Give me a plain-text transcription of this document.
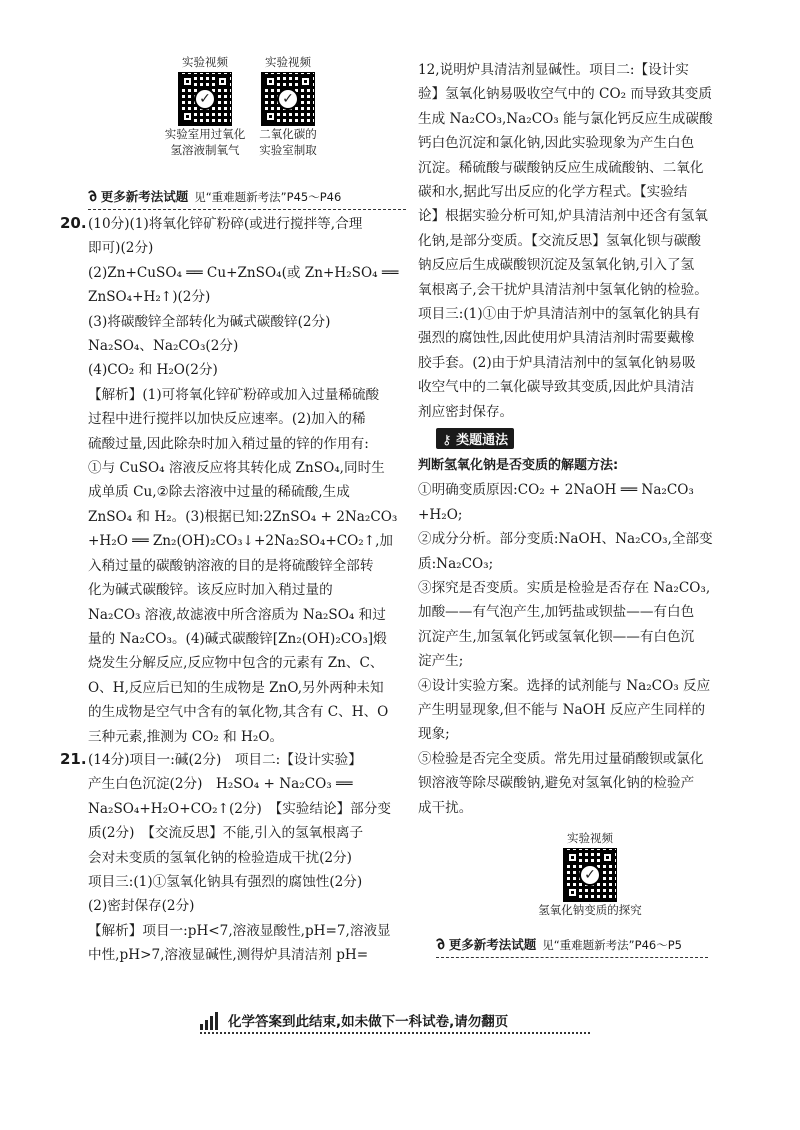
实验视频
✓
实验室用过氧化
氢溶液制氧气
实验视频
✓
二氧化碳的
实验室制取
∂更多新考法试题 见“重难题新考法”P45～P46
20. (10分)(1)将氧化锌矿粉碎(或进行搅拌等,合理

即可)(2分)

(2)Zn+CuSO₄ ══ Cu+ZnSO₄(或 Zn+H₂SO₄ ══

ZnSO₄+H₂↑)(2分)

(3)将碳酸锌全部转化为碱式碳酸锌(2分)

Na₂SO₄、Na₂CO₃(2分)

(4)CO₂ 和 H₂O(2分)

【解析】(1)可将氧化锌矿粉碎或加入过量稀硫酸

过程中进行搅拌以加快反应速率。(2)加入的稀

硫酸过量,因此除杂时加入稍过量的锌的作用有:

①与 CuSO₄ 溶液反应将其转化成 ZnSO₄,同时生

成单质 Cu,②除去溶液中过量的稀硫酸,生成

ZnSO₄ 和 H₂。(3)根据已知:2ZnSO₄ + 2Na₂CO₃

+H₂O ══ Zn₂(OH)₂CO₃↓+2Na₂SO₄+CO₂↑,加

入稍过量的碳酸钠溶液的目的是将硫酸锌全部转

化为碱式碳酸锌。该反应时加入稍过量的

Na₂CO₃ 溶液,故滤液中所含溶质为 Na₂SO₄ 和过

量的 Na₂CO₃。(4)碱式碳酸锌[Zn₂(OH)₂CO₃]煅

烧发生分解反应,反应物中包含的元素有 Zn、C、

O、H,反应后已知的生成物是 ZnO,另外两种未知

的生成物是空气中含有的氧化物,其含有 C、H、O

三种元素,推测为 CO₂ 和 H₂O。

21. (14分)项目一:碱(2分)　项目二:【设计实验】

产生白色沉淀(2分)　H₂SO₄ + Na₂CO₃ ══

Na₂SO₄+H₂O+CO₂↑(2分)　【实验结论】部分变

质(2分)　【交流反思】不能,引入的氢氧根离子

会对未变质的氢氧化钠的检验造成干扰(2分)

项目三:(1)①氢氧化钠具有强烈的腐蚀性(2分)

(2)密封保存(2分)

【解析】项目一:pH<7,溶液显酸性,pH=7,溶液显

中性,pH>7,溶液显碱性,测得炉具清洁剂 pH=

12,说明炉具清洁剂显碱性。项目二:【设计实

验】氢氧化钠易吸收空气中的 CO₂ 而导致其变质

生成 Na₂CO₃,Na₂CO₃ 能与氯化钙反应生成碳酸

钙白色沉淀和氯化钠,因此实验现象为产生白色

沉淀。稀硫酸与碳酸钠反应生成硫酸钠、二氧化

碳和水,据此写出反应的化学方程式。【实验结

论】根据实验分析可知,炉具清洁剂中还含有氢氧

化钠,是部分变质。【交流反思】氢氧化钡与碳酸

钠反应后生成碳酸钡沉淀及氢氧化钠,引入了氢

氧根离子,会干扰炉具清洁剂中氢氧化钠的检验。

项目三:(1)①由于炉具清洁剂中的氢氧化钠具有

强烈的腐蚀性,因此使用炉具清洁剂时需要戴橡

胶手套。(2)由于炉具清洁剂中的氢氧化钠易吸

收空气中的二氧化碳导致其变质,因此炉具清洁

剂应密封保存。

⚷ 类题通法

判断氢氧化钠是否变质的解题方法:

①明确变质原因:CO₂ + 2NaOH ══ Na₂CO₃

+H₂O;

②成分分析。部分变质:NaOH、Na₂CO₃,全部变

质:Na₂CO₃;

③探究是否变质。实质是检验是否存在 Na₂CO₃,

加酸——有气泡产生,加钙盐或钡盐——有白色

沉淀产生,加氢氧化钙或氢氧化钡——有白色沉

淀产生;

④设计实验方案。选择的试剂能与 Na₂CO₃ 反应

产生明显现象,但不能与 NaOH 反应产生同样的

现象;

⑤检验是否完全变质。常先用过量硝酸钡或氯化

钡溶液等除尽碳酸钠,避免对氢氧化钠的检验产

成干扰。

实验视频
✓
氢氧化钠变质的探究
∂更多新考法试题 见“重难题新考法”P46～P5
化学答案到此结束,如未做下一科试卷,请勿翻页
